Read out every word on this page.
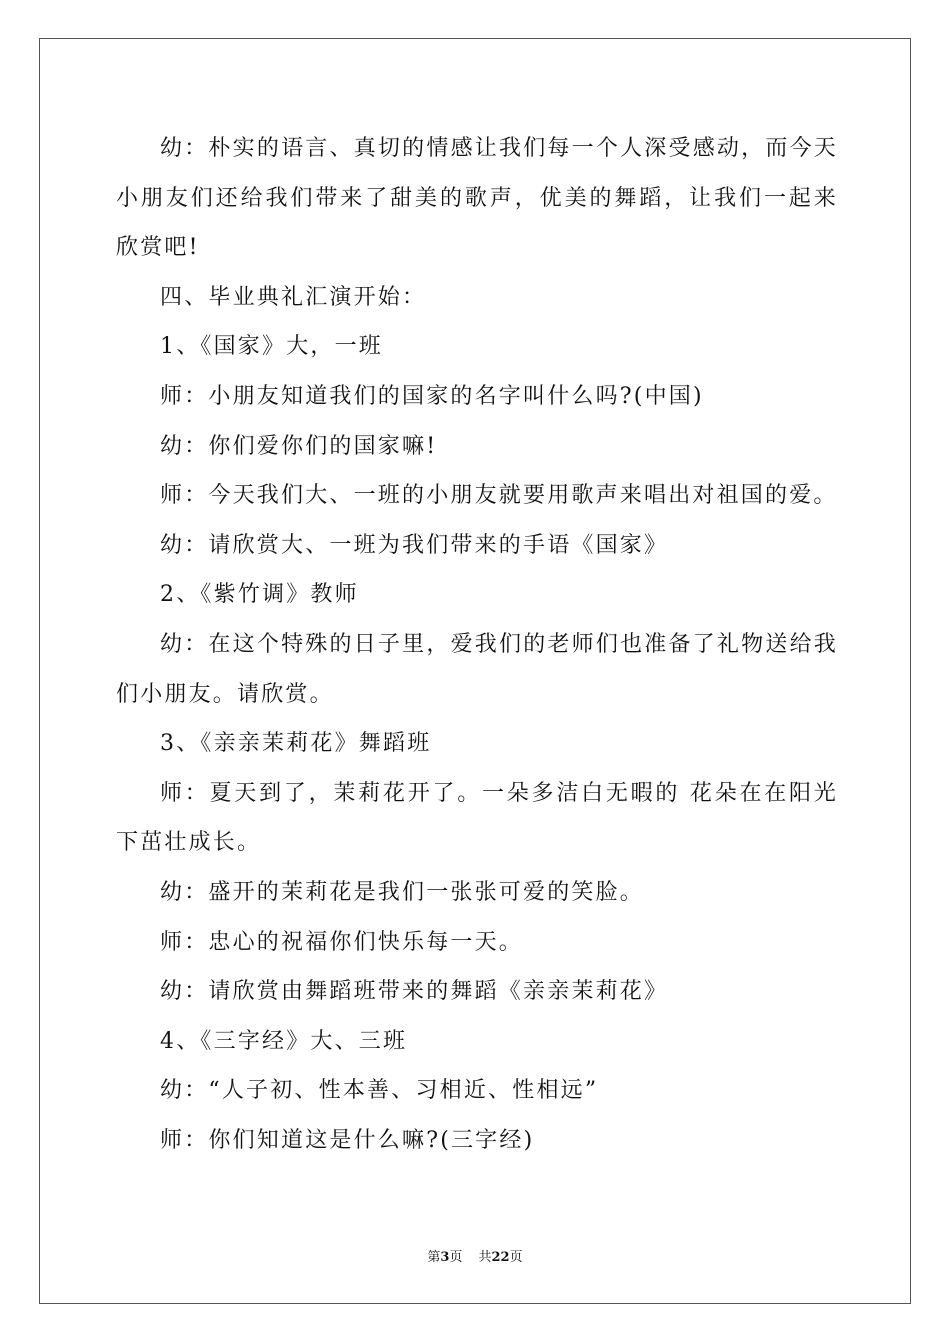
幼：朴实的语言、真切的情感让我们每一个人深受感动，而今天小朋友们还给我们带来了甜美的歌声，优美的舞蹈，让我们一起来欣赏吧!

四、毕业典礼汇演开始：

1、《国家》大，一班

师：小朋友知道我们的国家的名字叫什么吗?(中国)

幼：你们爱你们的国家嘛!

师：今天我们大、一班的小朋友就要用歌声来唱出对祖国的爱。

幼：请欣赏大、一班为我们带来的手语《国家》

2、《紫竹调》教师

幼：在这个特殊的日子里，爱我们的老师们也准备了礼物送给我们小朋友。请欣赏。

3、《亲亲茉莉花》舞蹈班

师：夏天到了，茉莉花开了。一朵多洁白无暇的 花朵在在阳光下茁壮成长。

幼：盛开的茉莉花是我们一张张可爱的笑脸。

师：忠心的祝福你们快乐每一天。

幼：请欣赏由舞蹈班带来的舞蹈《亲亲茉莉花》

4、《三字经》大、三班

幼：“人子初、性本善、习相近、性相远”

师：你们知道这是什么嘛?(三字经)

第3页 共22页
